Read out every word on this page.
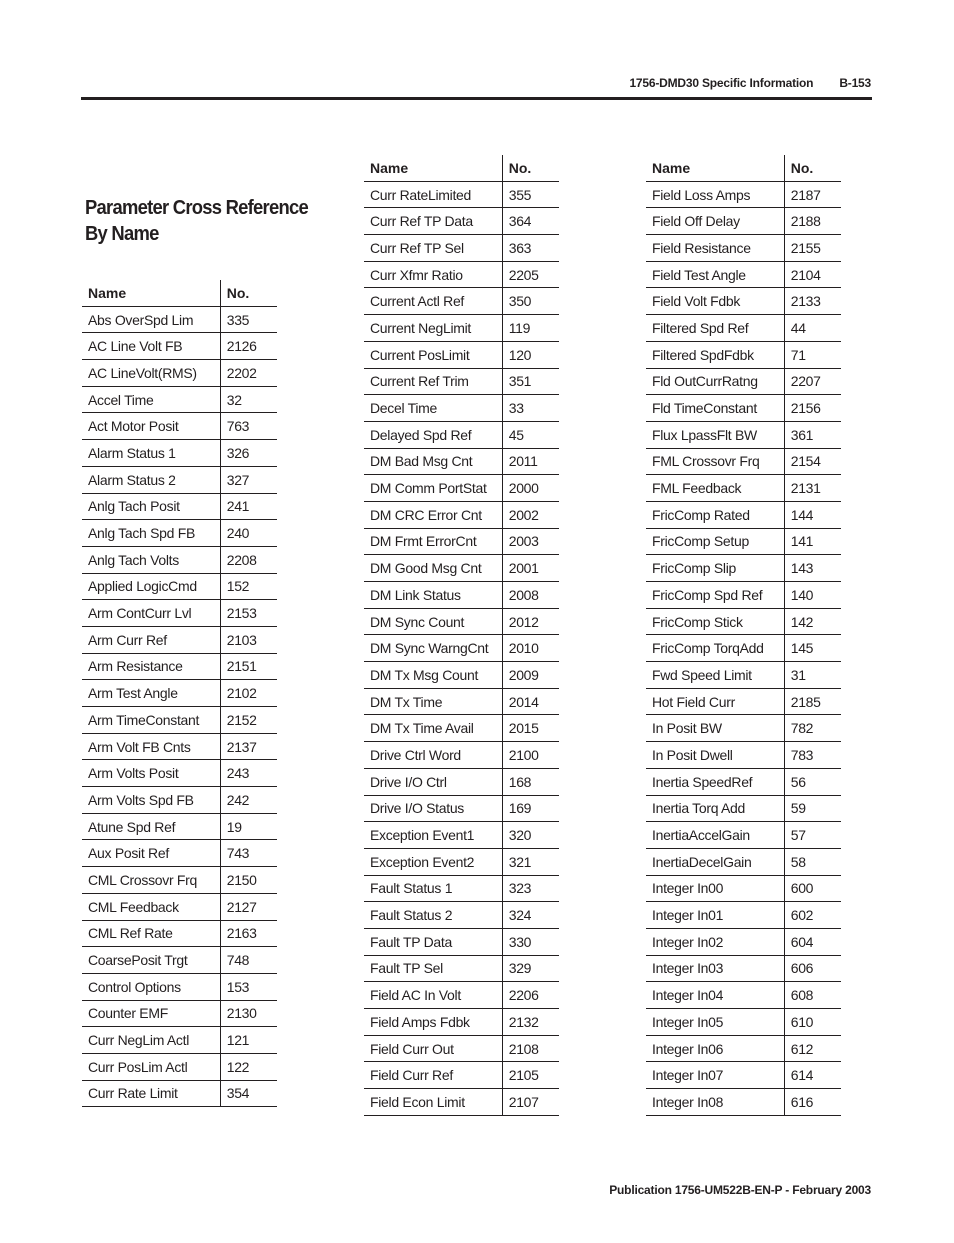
1756-DMD30 Specific Information B-153
Parameter Cross Reference
By Name
Name	No.
Abs OverSpd Lim	335
AC Line Volt FB	2126
AC LineVolt(RMS)	2202
Accel Time	32
Act Motor Posit	763
Alarm Status 1	326
Alarm Status 2	327
Anlg Tach Posit	241
Anlg Tach Spd FB	240
Anlg Tach Volts	2208
Applied LogicCmd	152
Arm ContCurr Lvl	2153
Arm Curr Ref	2103
Arm Resistance	2151
Arm Test Angle	2102
Arm TimeConstant	2152
Arm Volt FB Cnts	2137
Arm Volts Posit	243
Arm Volts Spd FB	242
Atune Spd Ref	19
Aux Posit Ref	743
CML Crossovr Frq	2150
CML Feedback	2127
CML Ref Rate	2163
CoarsePosit Trgt	748
Control Options	153
Counter EMF	2130
Curr NegLim Actl	121
Curr PosLim Actl	122
Curr Rate Limit	354
Name	No.
Curr RateLimited	355
Curr Ref TP Data	364
Curr Ref TP Sel	363
Curr Xfmr Ratio	2205
Current Actl Ref	350
Current NegLimit	119
Current PosLimit	120
Current Ref Trim	351
Decel Time	33
Delayed Spd Ref	45
DM Bad Msg Cnt	2011
DM Comm PortStat	2000
DM CRC Error Cnt	2002
DM Frmt ErrorCnt	2003
DM Good Msg Cnt	2001
DM Link Status	2008
DM Sync Count	2012
DM Sync WarngCnt	2010
DM Tx Msg Count	2009
DM Tx Time	2014
DM Tx Time Avail	2015
Drive Ctrl Word	2100
Drive I/O Ctrl	168
Drive I/O Status	169
Exception Event1	320
Exception Event2	321
Fault Status 1	323
Fault Status 2	324
Fault TP Data	330
Fault TP Sel	329
Field AC In Volt	2206
Field Amps Fdbk	2132
Field Curr Out	2108
Field Curr Ref	2105
Field Econ Limit	2107
Name	No.
Field Loss Amps	2187
Field Off Delay	2188
Field Resistance	2155
Field Test Angle	2104
Field Volt Fdbk	2133
Filtered Spd Ref	44
Filtered SpdFdbk	71
Fld OutCurrRatng	2207
Fld TimeConstant	2156
Flux LpassFlt BW	361
FML Crossovr Frq	2154
FML Feedback	2131
FricComp Rated	144
FricComp Setup	141
FricComp Slip	143
FricComp Spd Ref	140
FricComp Stick	142
FricComp TorqAdd	145
Fwd Speed Limit	31
Hot Field Curr	2185
In Posit BW	782
In Posit Dwell	783
Inertia SpeedRef	56
Inertia Torq Add	59
InertiaAccelGain	57
InertiaDecelGain	58
Integer In00	600
Integer In01	602
Integer In02	604
Integer In03	606
Integer In04	608
Integer In05	610
Integer In06	612
Integer In07	614
Integer In08	616
Publication 1756-UM522B-EN-P - February 2003
